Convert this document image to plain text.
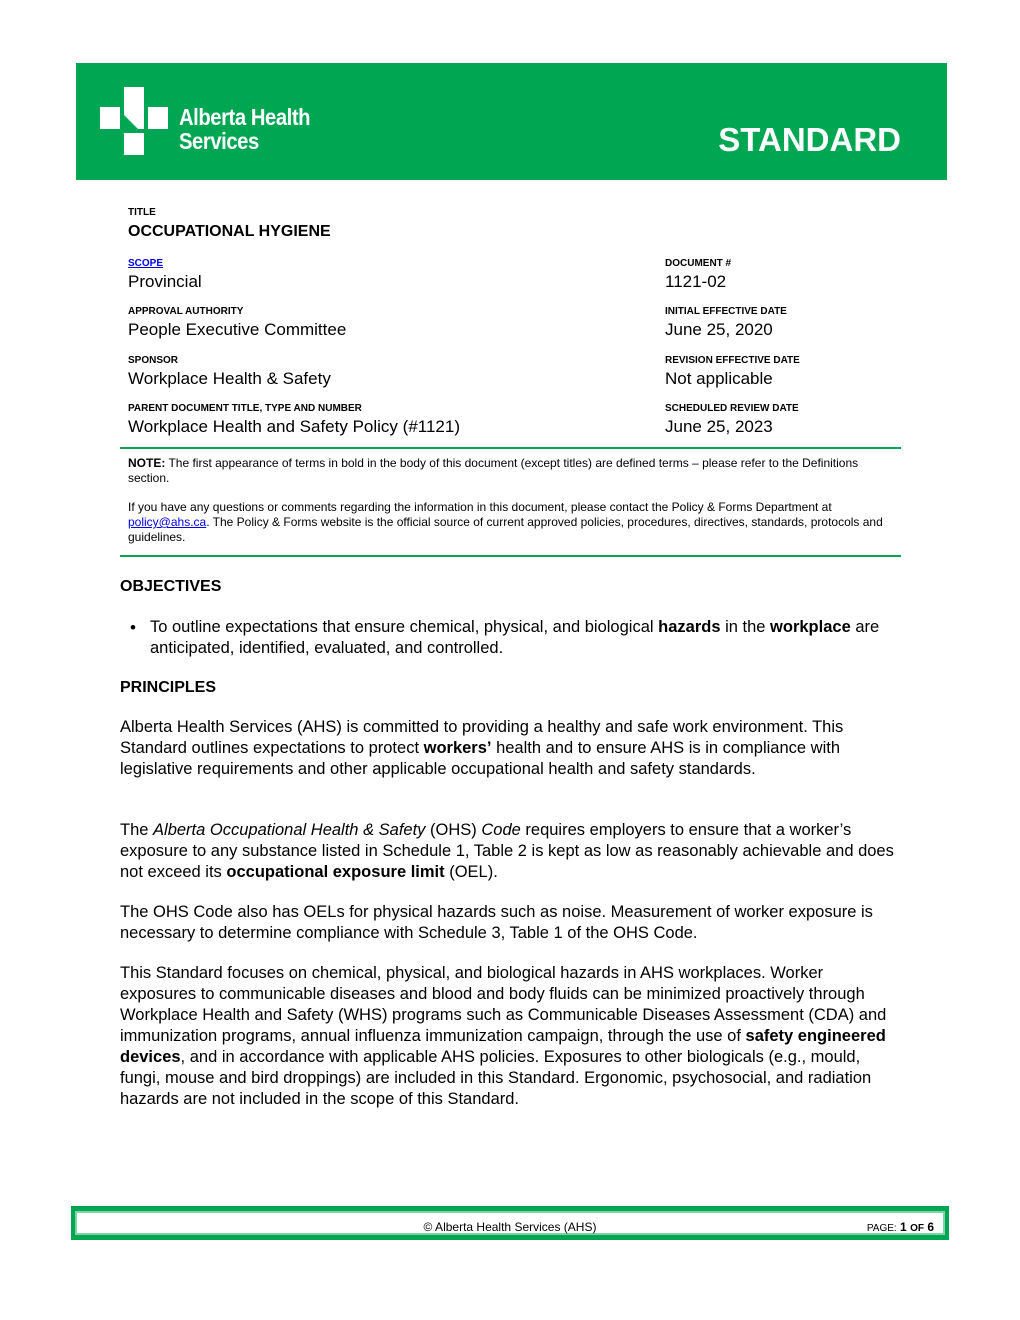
Alberta Health
Services	STANDARD
TITLE
OCCUPATIONAL HYGIENE
SCOPE
Provincial
DOCUMENT #
1121-02
APPROVAL AUTHORITY
People Executive Committee
INITIAL EFFECTIVE DATE
June 25, 2020
SPONSOR
Workplace Health & Safety
REVISION EFFECTIVE DATE
Not applicable
PARENT DOCUMENT TITLE, TYPE AND NUMBER
Workplace Health and Safety Policy (#1121)
SCHEDULED REVIEW DATE
June 25, 2023
NOTE: The first appearance of terms in bold in the body of this document (except titles) are defined terms – please refer to the Definitions section.
If you have any questions or comments regarding the information in this document, please contact the Policy & Forms Department at policy@ahs.ca. The Policy & Forms website is the official source of current approved policies, procedures, directives, standards, protocols and guidelines.
OBJECTIVES
• To outline expectations that ensure chemical, physical, and biological hazards in the workplace are anticipated, identified, evaluated, and controlled.
PRINCIPLES
Alberta Health Services (AHS) is committed to providing a healthy and safe work environment. This Standard outlines expectations to protect workers’ health and to ensure AHS is in compliance with legislative requirements and other applicable occupational health and safety standards.
The Alberta Occupational Health & Safety (OHS) Code requires employers to ensure that a worker’s exposure to any substance listed in Schedule 1, Table 2 is kept as low as reasonably achievable and does not exceed its occupational exposure limit (OEL).
The OHS Code also has OELs for physical hazards such as noise. Measurement of worker exposure is necessary to determine compliance with Schedule 3, Table 1 of the OHS Code.
This Standard focuses on chemical, physical, and biological hazards in AHS workplaces. Worker exposures to communicable diseases and blood and body fluids can be minimized proactively through Workplace Health and Safety (WHS) programs such as Communicable Diseases Assessment (CDA) and immunization programs, annual influenza immunization campaign, through the use of safety engineered devices, and in accordance with applicable AHS policies. Exposures to other biologicals (e.g., mould, fungi, mouse and bird droppings) are included in this Standard. Ergonomic, psychosocial, and radiation hazards are not included in the scope of this Standard.
© Alberta Health Services (AHS)	PAGE: 1 OF 6
